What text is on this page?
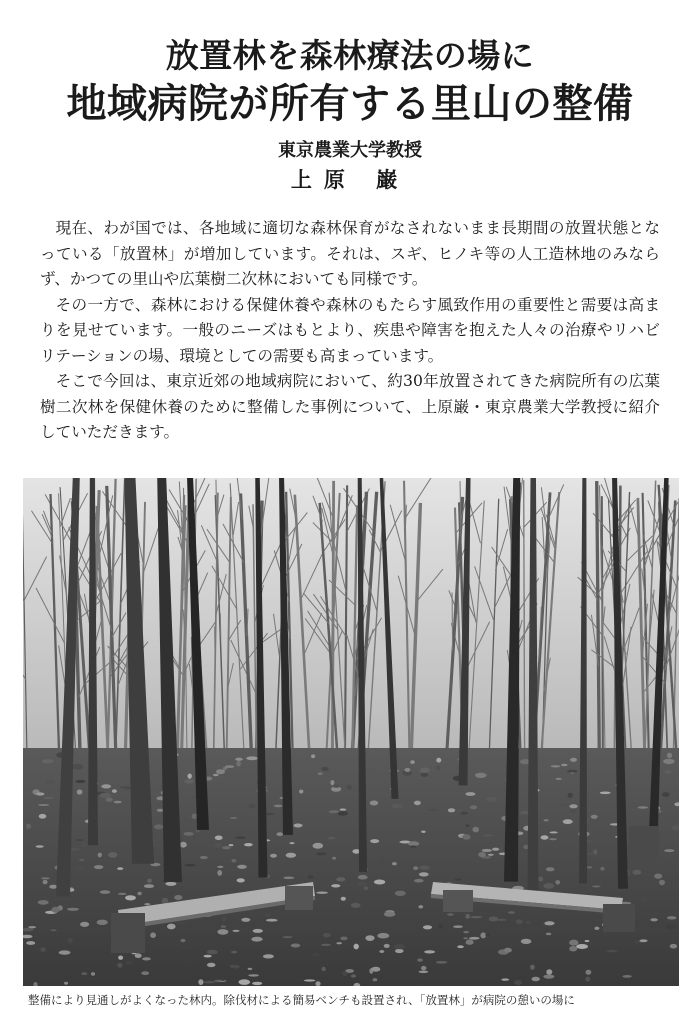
放置林を森林療法の場に
地域病院が所有する里山の整備
東京農業大学教授
上原 巌

現在、わが国では、各地域に適切な森林保育がなされないまま長期間の放置状態となっている「放置林」が増加しています。それは、スギ、ヒノキ等の人工造林地のみならず、かつての里山や広葉樹二次林においても同様です。

その一方で、森林における保健休養や森林のもたらす風致作用の重要性と需要は高まりを見せています。一般のニーズはもとより、疾患や障害を抱えた人々の治療やリハビリテーションの場、環境としての需要も高まっています。

そこで今回は、東京近郊の地域病院において、約30年放置されてきた病院所有の広葉樹二次林を保健休養のために整備した事例について、上原巌・東京農業大学教授に紹介していただきます。

整備により見通しがよくなった林内。除伐材による簡易ベンチも設置され、「放置林」が病院の憩いの場に
